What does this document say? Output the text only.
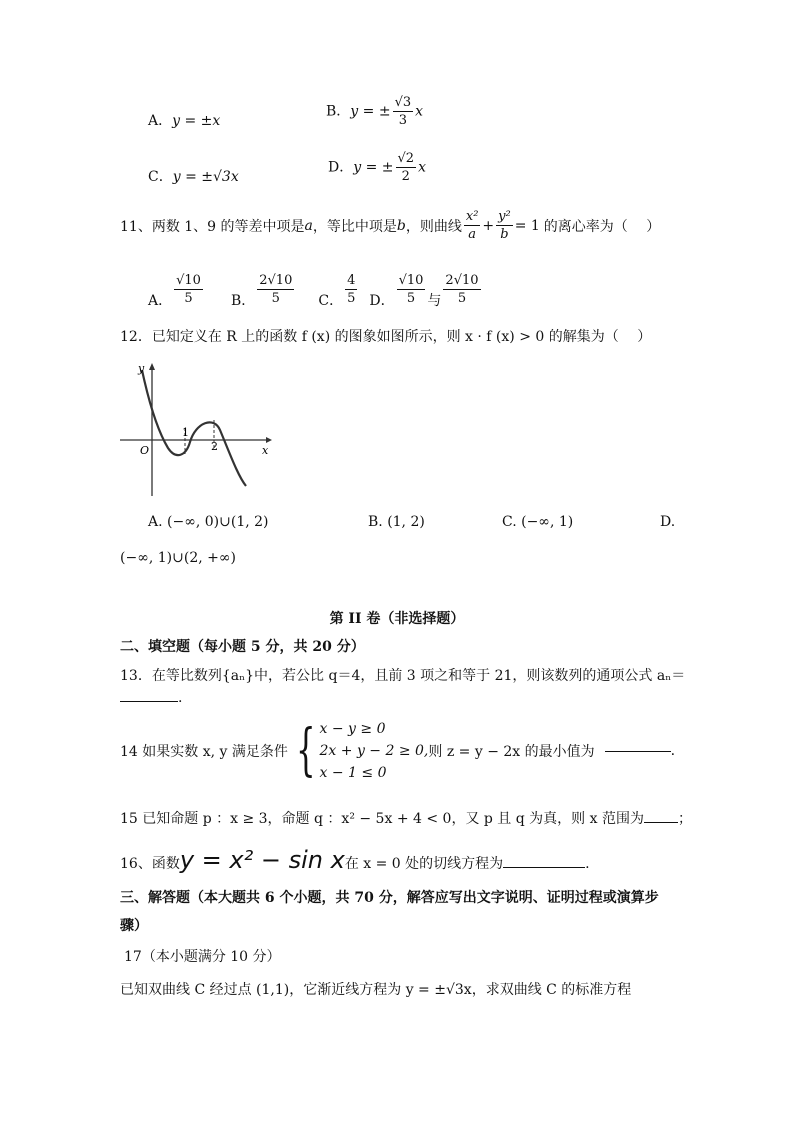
A．y = ±x
B．y = ± $\frac{√3}{3}$ x
C．y = ±√3x
D．y = ± $\frac{√2}{2}$ x
11、两数 1、9 的等差中项是 a ，等比中项是 b ，则曲线 $\frac{\text{x²}}{a} + \frac{\text{y²}}{b} = 1$ 的离心率为（　 ）
A． $\frac{√10}{5}$ B． $\frac{2√10}{5}$ C． $\frac{4}{5}$ D． $\frac{√10}{5}$ 与 $\frac{2√10}{5}$
12．已知定义在 R 上的函数 f (x) 的图象如图所示，则 x · f (x) > 0 的解集为（　 ）
y
x
O
1
2
A. (−∞, 0)∪(1, 2)	B. (1, 2)	C. (−∞, 1)	D.
(−∞, 1)∪(2, +∞)
第 II 卷（非选择题）
二、填空题（每小题 5 分，共 20 分）
13．在等比数列{aₙ}中，若公比 q＝4，且前 3 项之和等于 21，则该数列的通项公式 aₙ＝
.
14 如果实数 x, y 满足条件 { x − y ≥ 0
2x + y − 2 ≥ 0,
x − 1 ≤ 0
则 z = y − 2x 的最小值为	.
15 已知命题 p ：x ≥ 3，命题 q ：x² − 5x + 4 < 0，又 p 且 q 为真，则 x 范围为 ；
16、函数 y = x² − sin x 在 x = 0 处的切线方程为	.
三、解答题（本大题共 6 个小题，共 70 分，解答应写出文字说明、证明过程或演算步
骤）
17（本小题满分 10 分）
已知双曲线 C 经过点 (1,1)，它渐近线方程为 y = ±√3x，求双曲线 C 的标准方程
